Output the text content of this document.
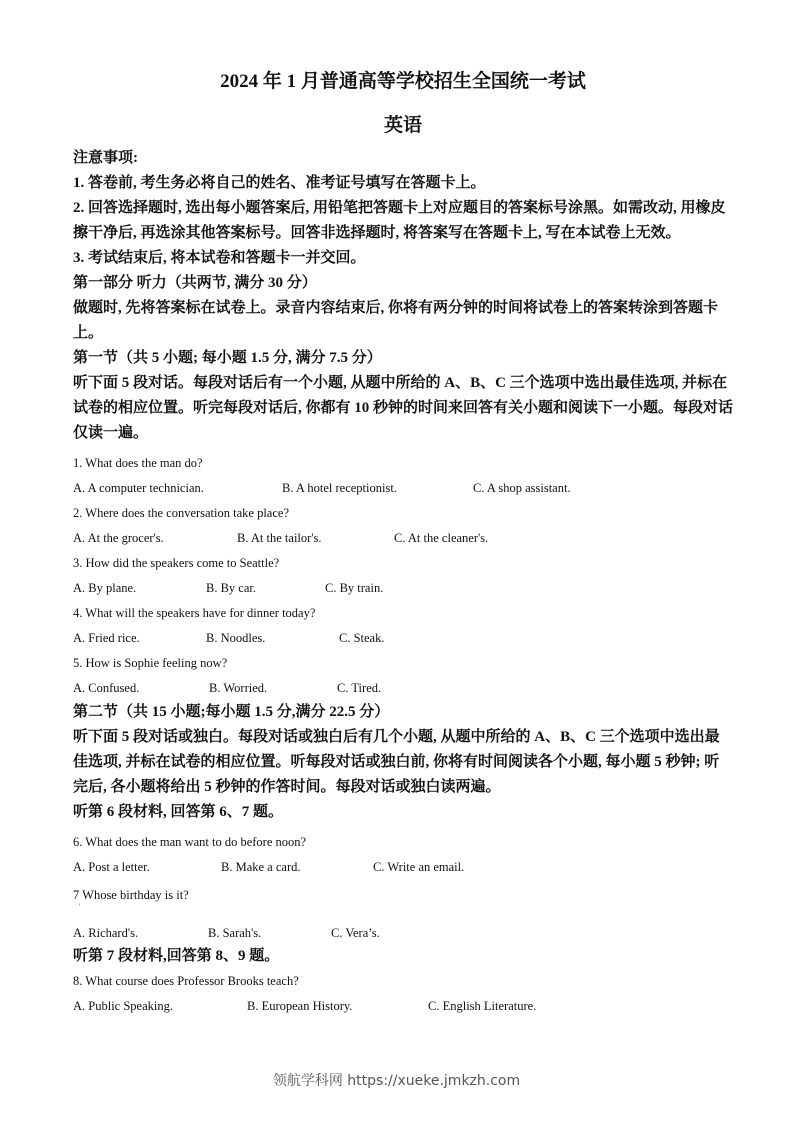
2024 年 1 月普通高等学校招生全国统一考试

英语

注意事项:

1. 答卷前, 考生务必将自己的姓名、准考证号填写在答题卡上。

2. 回答选择题时, 选出每小题答案后, 用铅笔把答题卡上对应题目的答案标号涂黑。如需改动, 用橡皮擦干净后, 再选涂其他答案标号。回答非选择题时, 将答案写在答题卡上, 写在本试卷上无效。

3. 考试结束后, 将本试卷和答题卡一并交回。

第一部分 听力（共两节, 满分 30 分）

做题时, 先将答案标在试卷上。录音内容结束后, 你将有两分钟的时间将试卷上的答案转涂到答题卡上。

第一节（共 5 小题; 每小题 1.5 分, 满分 7.5 分）

听下面 5 段对话。每段对话后有一个小题, 从题中所给的 A、B、C 三个选项中选出最佳选项, 并标在试卷的相应位置。听完每段对话后, 你都有 10 秒钟的时间来回答有关小题和阅读下一小题。每段对话仅读一遍。

1. What does the man do?
A. A computer technician.	B. A hotel receptionist.	C. A shop assistant.
2. Where does the conversation take place?
A. At the grocer's.	B. At the tailor's.	C. At the cleaner's.
3. How did the speakers come to Seattle?
A. By plane.	B. By car.	C. By train.
4. What will the speakers have for dinner today?
A. Fried rice.	B. Noodles.	C. Steak.
5. How is Sophie feeling now?
A. Confused.	B. Worried.	C. Tired.

第二节（共 15 小题;每小题 1.5 分,满分 22.5 分）

听下面 5 段对话或独白。每段对话或独白后有几个小题, 从题中所给的 A、B、C 三个选项中选出最佳选项, 并标在试卷的相应位置。听每段对话或独白前, 你将有时间阅读各个小题, 每小题 5 秒钟; 听完后, 各小题将给出 5 秒钟的作答时间。每段对话或独白读两遍。

听第 6 段材料, 回答第 6、7 题。

6. What does the man want to do before noon?
A. Post a letter.	B. Make a card.	C. Write an email.
7 Whose birthday is it?
'
A. Richard's.	B. Sarah's.	C. Vera’s.

听第 7 段材料,回答第 8、9 题。

8. What course does Professor Brooks teach?
A. Public Speaking.	B. European History.	C. English Literature.
领航学科网 https://xueke.jmkzh.com
